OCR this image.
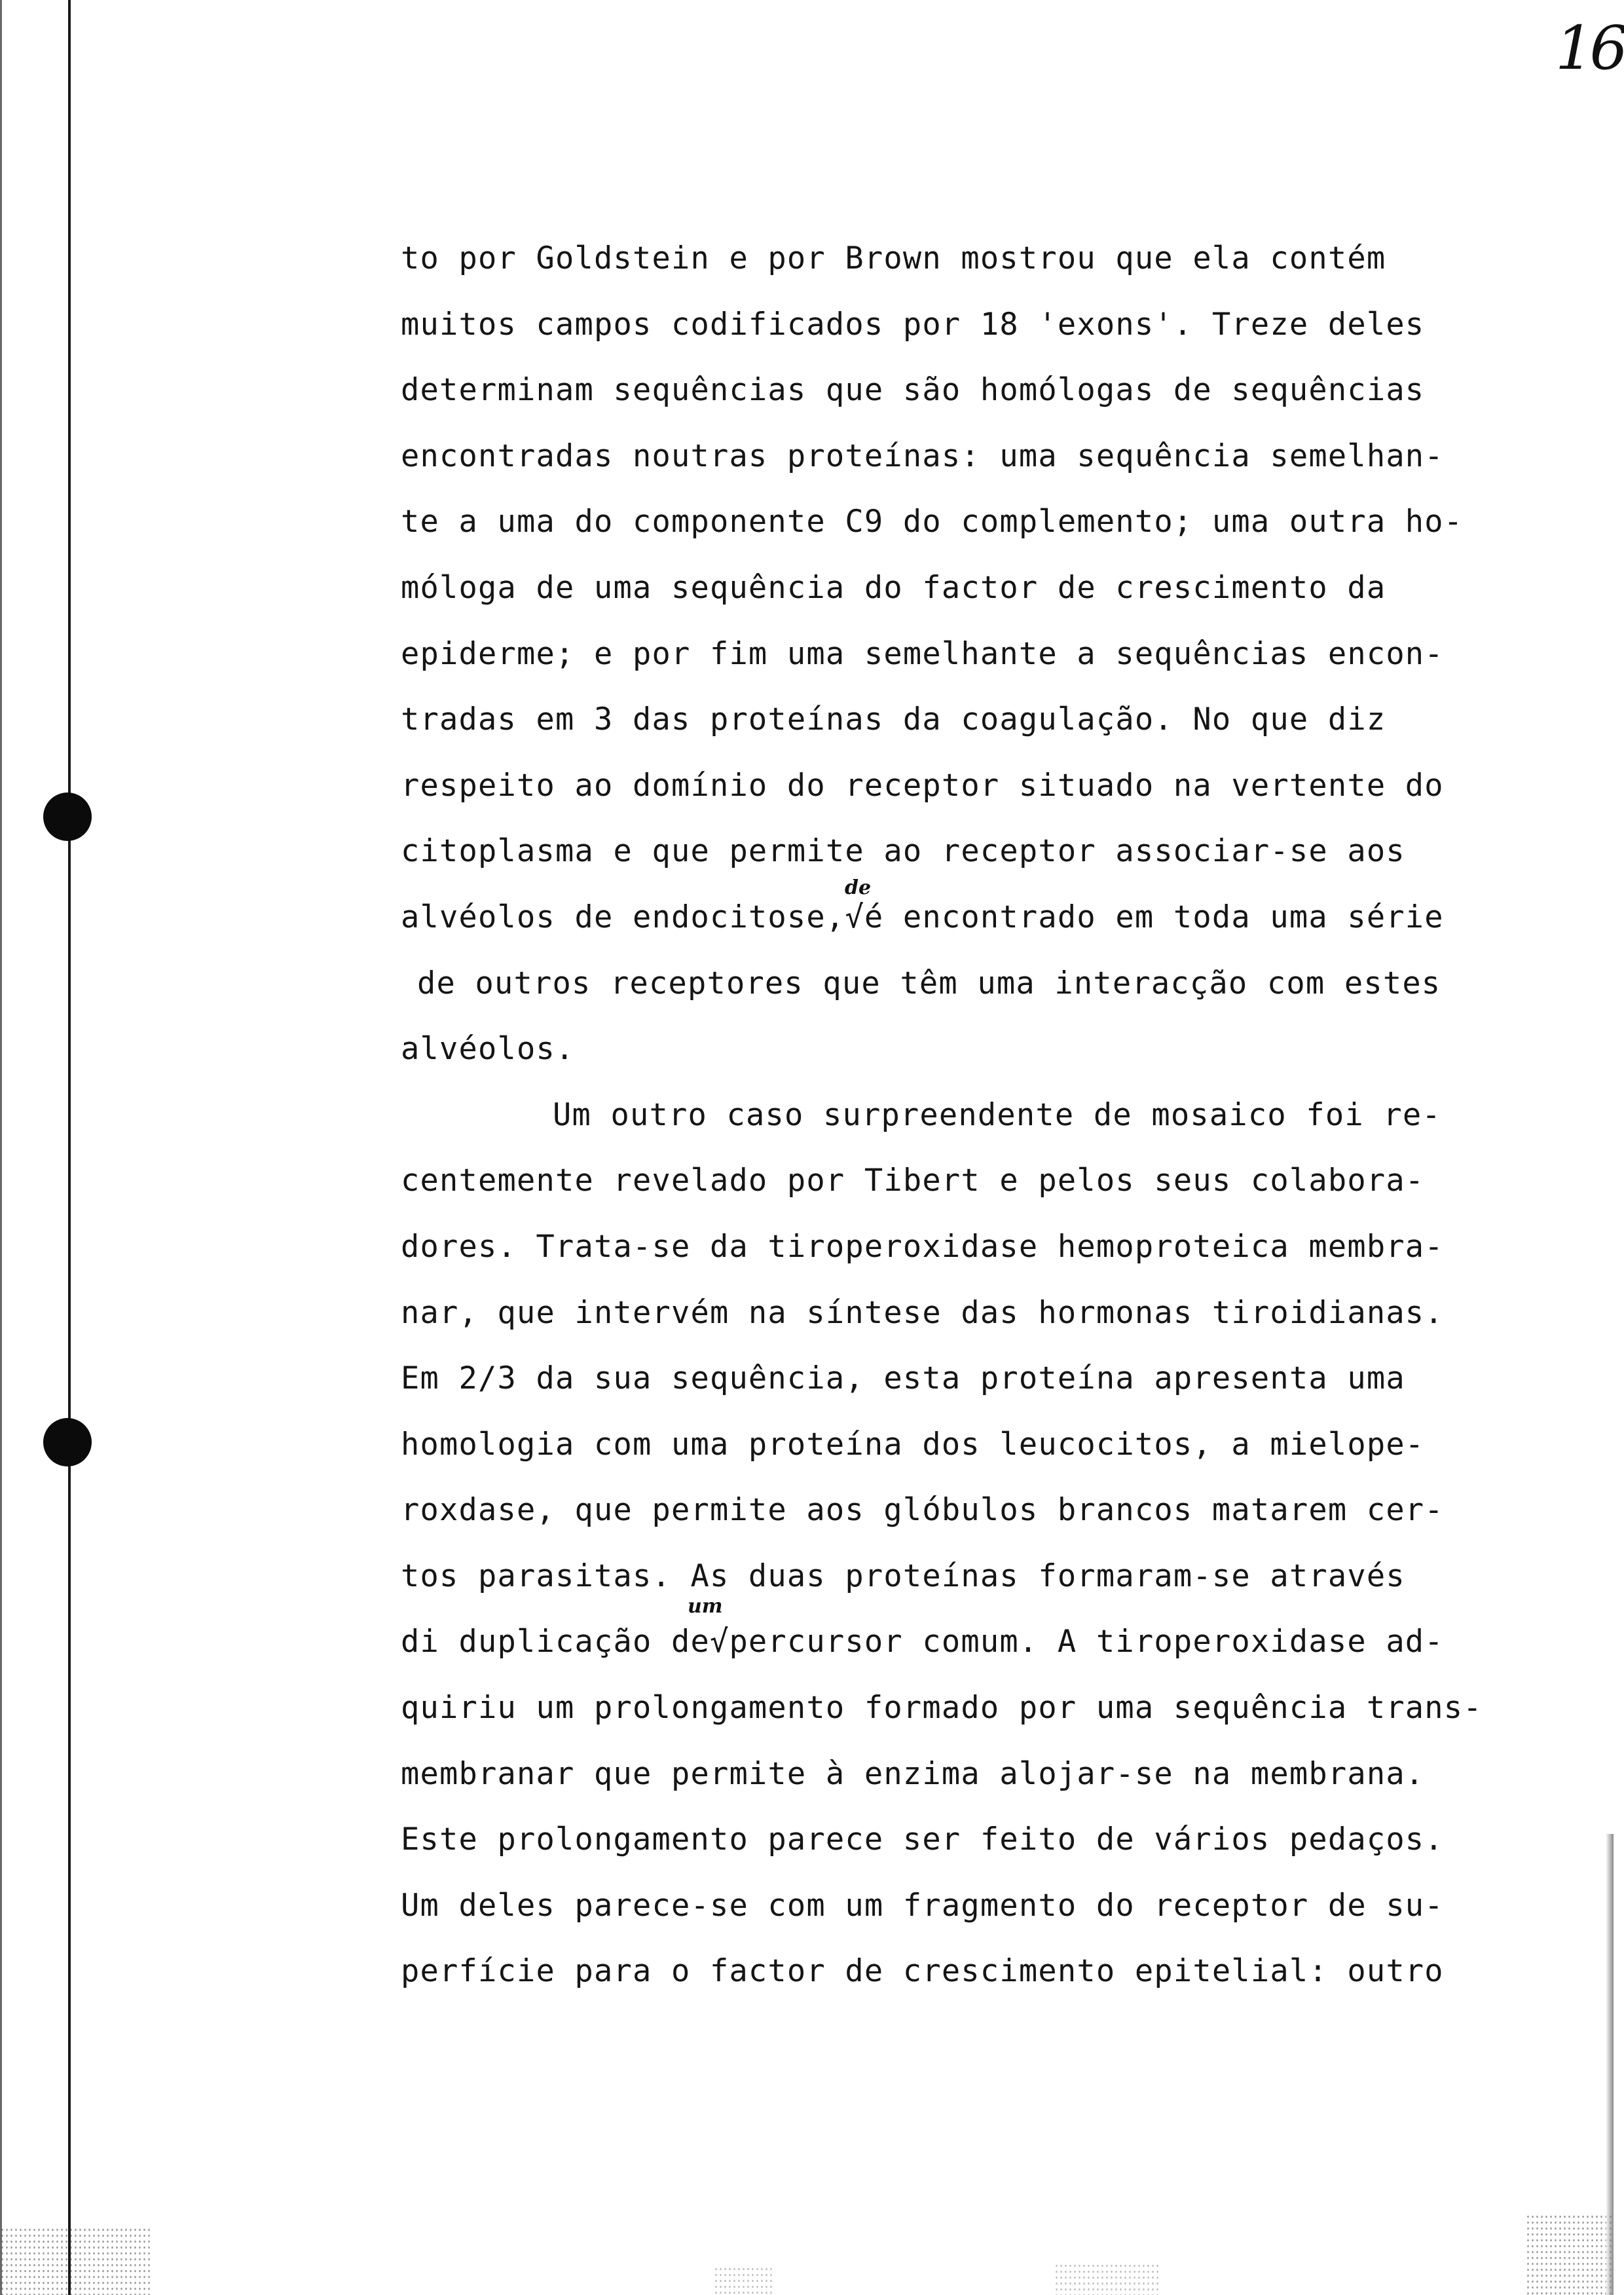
16
to por Goldstein e por Brown mostrou que ela contém
muitos campos codificados por 18 'exons'. Treze deles
determinam sequências que são homólogas de sequências
encontradas noutras proteínas: uma sequência semelhan-
te a uma do componente C9 do complemento; uma outra ho-
móloga de uma sequência do factor de crescimento da
epiderme; e por fim uma semelhante a sequências encon-
tradas em 3 das proteínas da coagulação. No que diz
respeito ao domínio do receptor situado na vertente do
citoplasma e que permite ao receptor associar-se aos
alvéolos de endocitose,√é encontrado em toda uma série
de outros receptores que têm uma interacção com estes
alvéolos.
Um outro caso surpreendente de mosaico foi re-
centemente revelado por Tibert e pelos seus colabora-
dores. Trata-se da tiroperoxidase hemoproteica membra-
nar, que intervém na síntese das hormonas tiroidianas.
Em 2/3 da sua sequência, esta proteína apresenta uma
homologia com uma proteína dos leucocitos, a mielope-
roxdase, que permite aos glóbulos brancos matarem cer-
tos parasitas. As duas proteínas formaram-se através
di duplicação de√percursor comum. A tiroperoxidase ad-
quiriu um prolongamento formado por uma sequência trans-
membranar que permite à enzima alojar-se na membrana.
Este prolongamento parece ser feito de vários pedaços.
Um deles parece-se com um fragmento do receptor de su-
perfície para o factor de crescimento epitelial: outro
de
um
